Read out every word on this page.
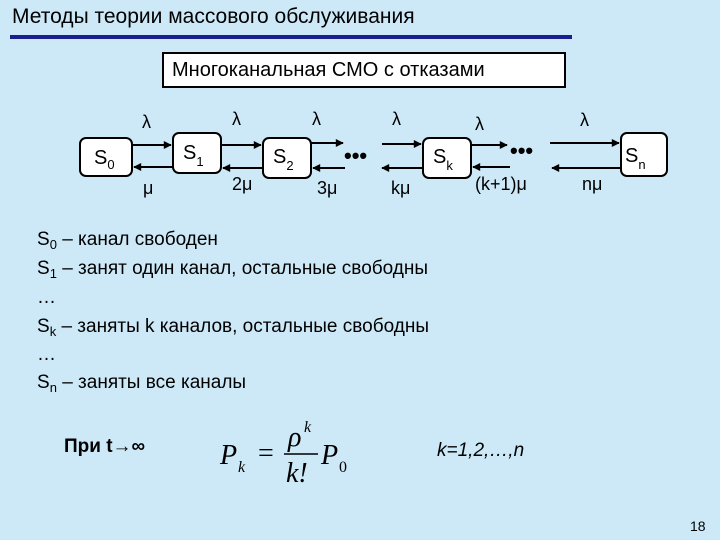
Методы теории массового обслуживания
Многоканальная СМО с отказами
$S_0$
$S_1$	$S_2$	$S_k$	$S_n$
•••	•••
λ	λ	λ	λ	λ	λ
μ	2μ	3μ	kμ	(k+1)μ	nμ
$S_0$ – канал свободен
$S_1$ – занят один канал, остальные свободны
…
$S_k$ – заняты k каналов, остальные свободны
…
$S_n$ – заняты все каналы
При t→∞	P k =
ρ k
k!
P 0
k=1,2,…,n
18
